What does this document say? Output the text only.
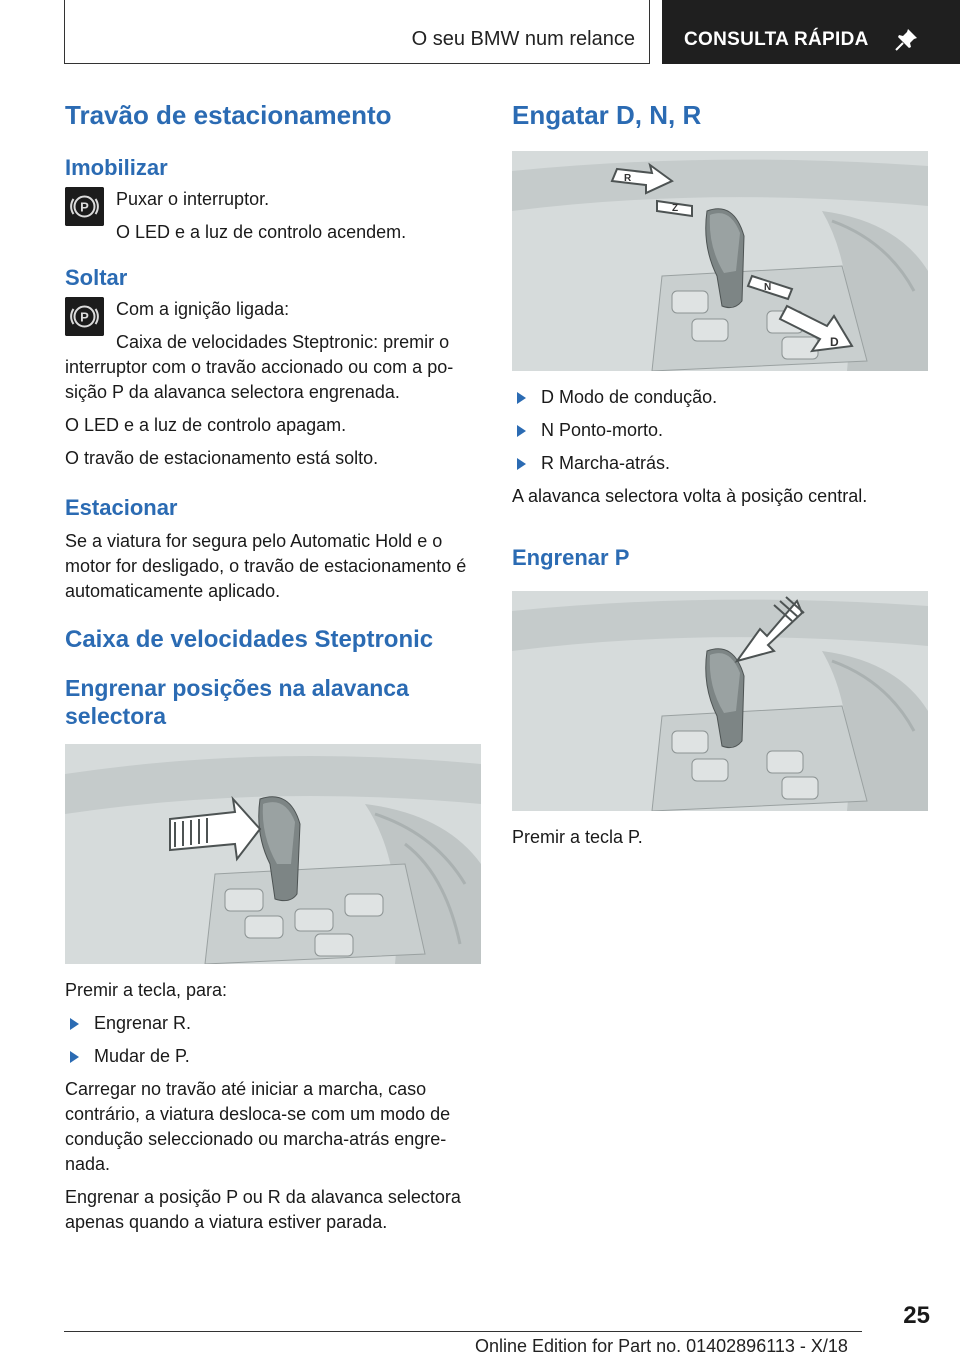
O seu BMW num relance	CONSULTA RÁPIDA
Travão de estacionamento
Imobilizar
P Puxar o interruptor.

O LED e a luz de controlo acendem.

Soltar
P Com a ignição ligada:

Caixa de velocidades Steptronic: premir o interruptor com o travão accionado ou com a po-sição P da alavanca selectora engrenada.

O LED e a luz de controlo apagam.

O travão de estacionamento está solto.

Estacionar

Se a viatura for segura pelo Automatic Hold e o motor for desligado, o travão de estacionamento é automaticamente aplicado.

Caixa de velocidades Steptronic
Engrenar posições na alavanca selectora

Premir a tecla, para:

Engrenar R.
Mudar de P.

Carregar no travão até iniciar a marcha, caso contrário, a viatura desloca-se com um modo de condução seleccionado ou marcha-atrás engre-nada.

Engrenar a posição P ou R da alavanca selectora apenas quando a viatura estiver parada.

Engatar D, N, R
R
Z
N
D
D Modo de condução.
N Ponto-morto.
R Marcha-atrás.

A alavanca selectora volta à posição central.

Engrenar P

Premir a tecla P.

25
Online Edition for Part no. 01402896113 - X/18
